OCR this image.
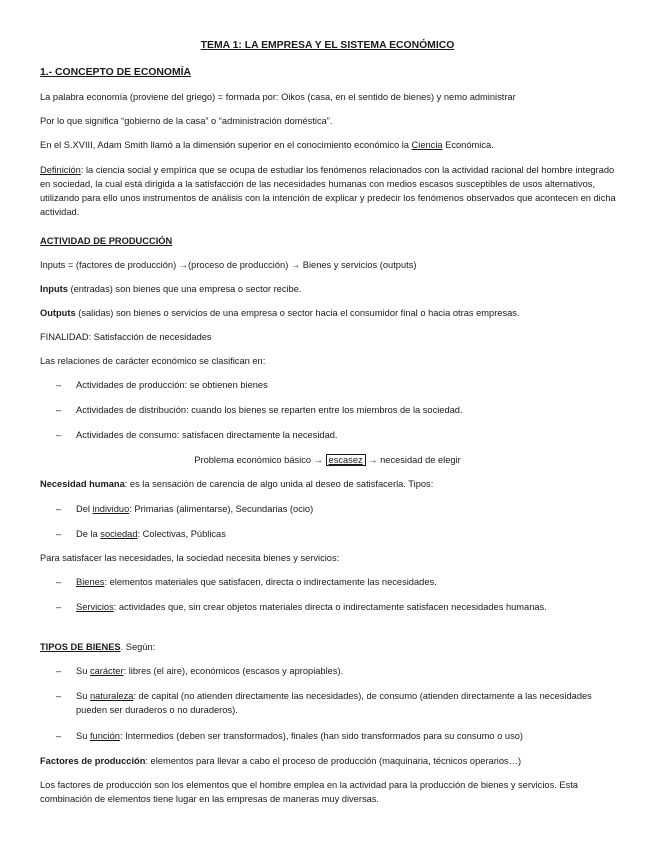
TEMA 1: LA EMPRESA Y EL SISTEMA ECONÓMICO
1.- CONCEPTO DE ECONOMÍA

La palabra economía (proviene del griego) = formada por: Oikos (casa, en el sentido de bienes) y nemo administrar

Por lo que significa “gobierno de la casa” o “administración doméstica”.

En el S.XVIII, Adam Smith llamó a la dimensión superior en el conocimiento económico la Ciencia Económica.

Definición: la ciencia social y empírica que se ocupa de estudiar los fenómenos relacionados con la actividad racional del hombre integrado en sociedad, la cual está dirigida a la satisfacción de las necesidades humanas con medios escasos susceptibles de usos alternativos, utilizando para ello unos instrumentos de análisis con la intención de explicar y predecir los fenómenos observados que acontecen en dicha actividad.

ACTIVIDAD DE PRODUCCIÓN

Inputs = (factores de producción) →(proceso de producción) → Bienes y servicios (outputs)

Inputs (entradas) son bienes que una empresa o sector recibe.

Outputs (salidas) son bienes o servicios de una empresa o sector hacia el consumidor final o hacia otras empresas.

FINALIDAD: Satisfacción de necesidades

Las relaciones de carácter económico se clasifican en:

–	Actividades de producción: se obtienen bienes
–	Actividades de distribución: cuando los bienes se reparten entre los miembros de la sociedad.
–	Actividades de consumo: satisfacen directamente la necesidad.

Problema económico básico → escasez → necesidad de elegir

Necesidad humana: es la sensación de carencia de algo unida al deseo de satisfacerla. Tipos:

–	Del individuo: Primarias (alimentarse), Secundarias (ocio)
–	De la sociedad: Colectivas, Públicas

Para satisfacer las necesidades, la sociedad necesita bienes y servicios:

–	Bienes: elementos materiales que satisfacen, directa o indirectamente las necesidades.
–	Servicios: actividades que, sin crear objetos materiales directa o indirectamente satisfacen necesidades humanas.

TIPOS DE BIENES. Según:

–	Su carácter: libres (el aire), económicos (escasos y apropiables).
–	Su naturaleza: de capital (no atienden directamente las necesidades), de consumo (atienden directamente a las necesidades pueden ser duraderos o no duraderos).
–	Su función: Intermedios (deben ser transformados), finales (han sido transformados para su consumo o uso)

Factores de producción: elementos para llevar a cabo el proceso de producción (maquinaria, técnicos operarios…)

Los factores de producción son los elementos que el hombre emplea en la actividad para la producción de bienes y servicios. Esta combinación de elementos tiene lugar en las empresas de maneras muy diversas.
